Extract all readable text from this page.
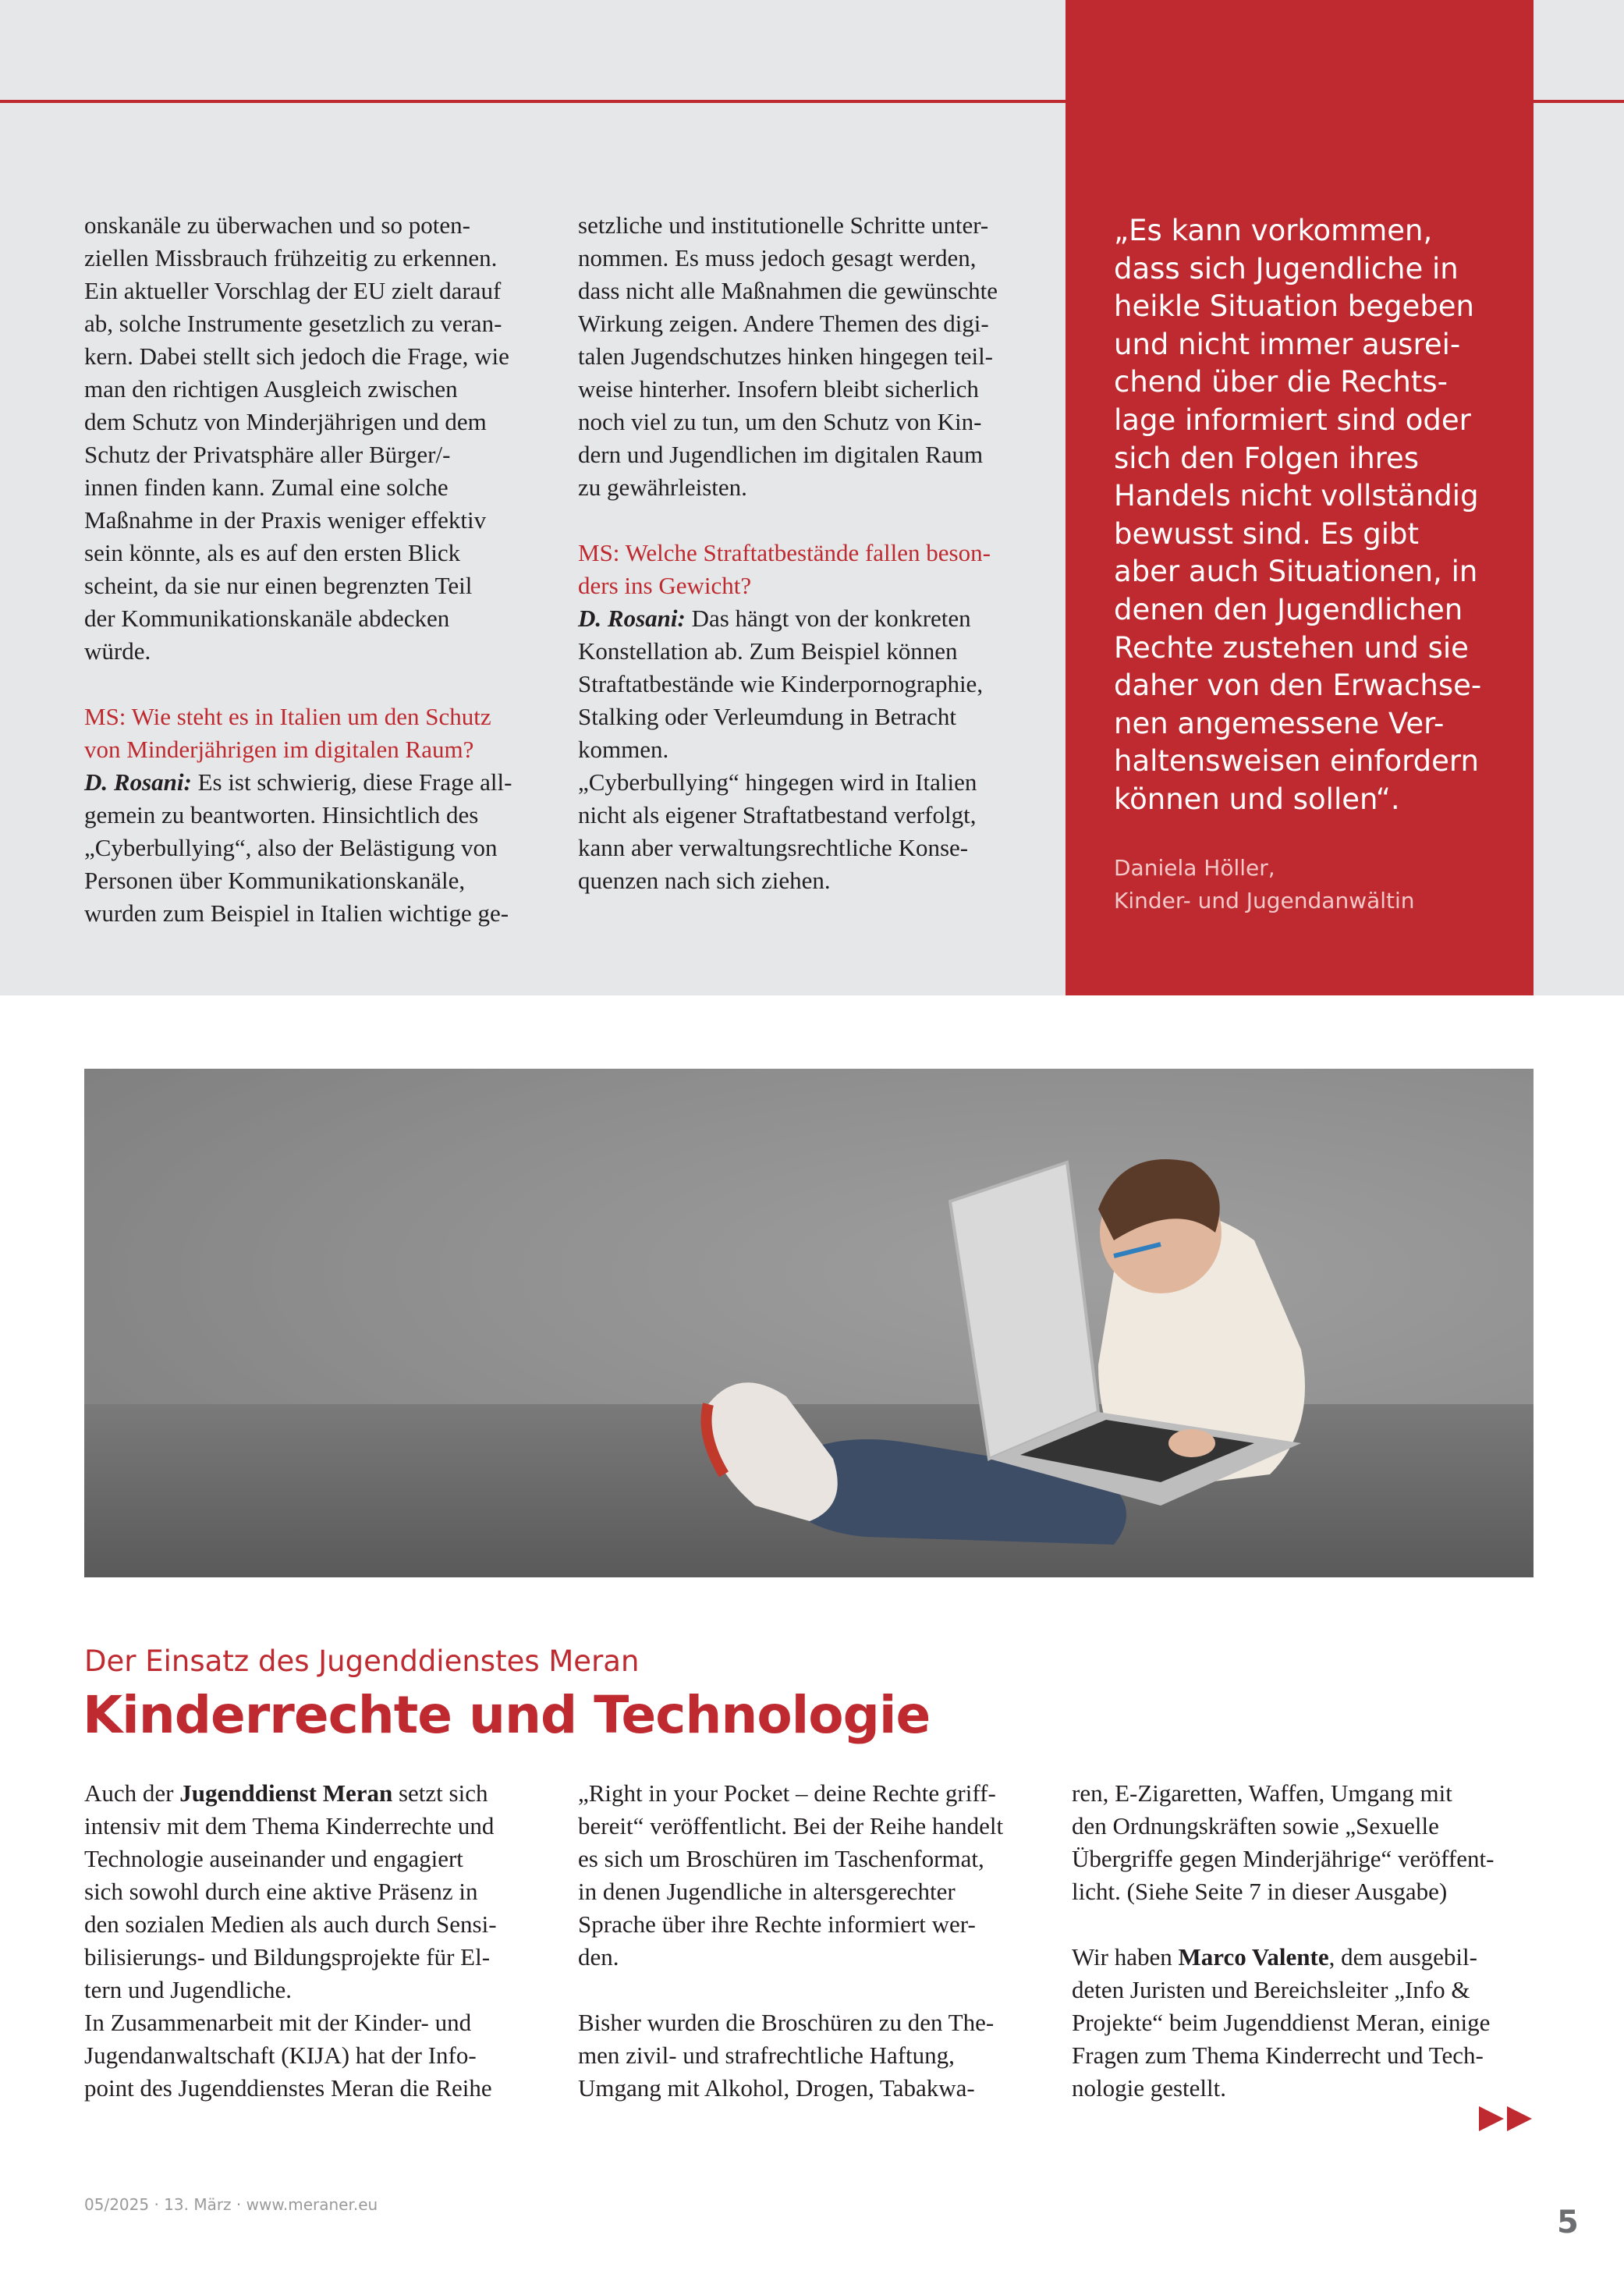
onskanäle zu überwachen und so poten-
ziellen Missbrauch frühzeitig zu erkennen.
Ein aktueller Vorschlag der EU zielt darauf
ab, solche Instrumente gesetzlich zu veran-
kern. Dabei stellt sich jedoch die Frage, wie
man den richtigen Ausgleich zwischen
dem Schutz von Minderjährigen und dem
Schutz der Privatsphäre aller Bürger/-
innen finden kann. Zumal eine solche
Maßnahme in der Praxis weniger effektiv
sein könnte, als es auf den ersten Blick
scheint, da sie nur einen begrenzten Teil
der Kommunikationskanäle abdecken
würde.
MS: Wie steht es in Italien um den Schutz
von Minderjährigen im digitalen Raum?

D. Rosani: Es ist schwierig, diese Frage all-

gemein zu beantworten. Hinsichtlich des
„Cyberbullying“, also der Belästigung von
Personen über Kommunikationskanäle,
wurden zum Beispiel in Italien wichtige ge-
setzliche und institutionelle Schritte unter-
nommen. Es muss jedoch gesagt werden,
dass nicht alle Maßnahmen die gewünschte
Wirkung zeigen. Andere Themen des digi-
talen Jugendschutzes hinken hingegen teil-
weise hinterher. Insofern bleibt sicherlich
noch viel zu tun, um den Schutz von Kin-
dern und Jugendlichen im digitalen Raum
zu gewährleisten.
MS: Welche Straftatbestände fallen beson-
ders ins Gewicht?

D. Rosani: Das hängt von der konkreten

Konstellation ab. Zum Beispiel können
Straftatbestände wie Kinderpornographie,
Stalking oder Verleumdung in Betracht
kommen.
„Cyberbullying“ hingegen wird in Italien
nicht als eigener Straftatbestand verfolgt,
kann aber verwaltungsrechtliche Konse-
quenzen nach sich ziehen.
„Es kann vorkommen,
dass sich Jugendliche in
heikle Situation begeben
und nicht immer ausrei-
chend über die Rechts-
lage informiert sind oder
sich den Folgen ihres
Handels nicht vollständig
bewusst sind. Es gibt
aber auch Situationen, in
denen den Jugendlichen
Rechte zustehen und sie
daher von den Erwachse-
nen angemessene Ver-
haltensweisen einfordern
können und sollen“.
Daniela Höller,
Kinder- und Jugendanwältin
Der Einsatz des Jugenddienstes Meran
Kinderrechte und Technologie

Auch der Jugenddienst Meran setzt sich

intensiv mit dem Thema Kinderrechte und
Technologie auseinander und engagiert
sich sowohl durch eine aktive Präsenz in
den sozialen Medien als auch durch Sensi-
bilisierungs- und Bildungsprojekte für El-
tern und Jugendliche.
In Zusammenarbeit mit der Kinder- und
Jugendanwaltschaft (KIJA) hat der Info-
point des Jugenddienstes Meran die Reihe
„Right in your Pocket – deine Rechte griff-
bereit“ veröffentlicht. Bei der Reihe handelt
es sich um Broschüren im Taschenformat,
in denen Jugendliche in altersgerechter
Sprache über ihre Rechte informiert wer-
den.
Bisher wurden die Broschüren zu den The-
men zivil- und strafrechtliche Haftung,
Umgang mit Alkohol, Drogen, Tabakwa-
ren, E-Zigaretten, Waffen, Umgang mit
den Ordnungskräften sowie „Sexuelle
Übergriffe gegen Minderjährige“ veröffent-
licht. (Siehe Seite 7 in dieser Ausgabe)

Wir haben Marco Valente, dem ausgebil-

deten Juristen und Bereichsleiter „Info &
Projekte“ beim Jugenddienst Meran, einige
Fragen zum Thema Kinderrecht und Tech-
nologie gestellt.
05/2025 · 13. März · www.meraner.eu	5
